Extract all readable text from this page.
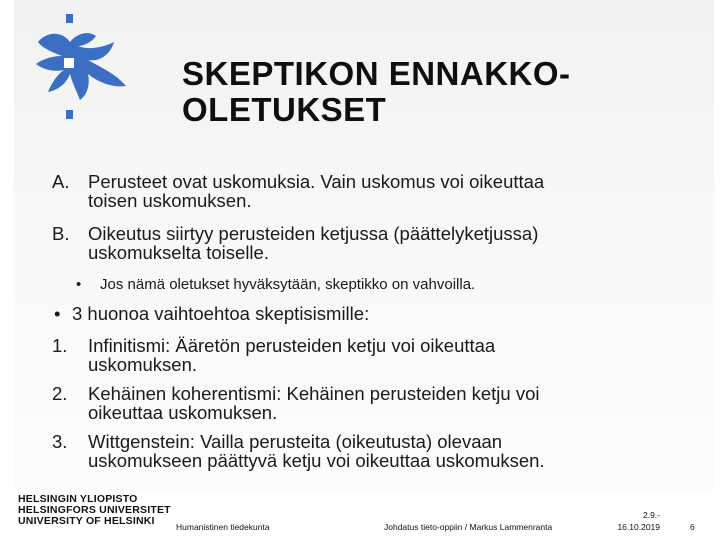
SKEPTIKON ENNAKKO-
OLETUKSET
A. Perusteet ovat uskomuksia. Vain uskomus voi oikeuttaa
toisen uskomuksen.
B. Oikeutus siirtyy perusteiden ketjussa (päättelyketjussa)
uskomukselta toiselle.
• Jos nämä oletukset hyväksytään, skeptikko on vahvoilla.
• 3 huonoa vaihtoehtoa skeptisismille:
1. Infinitismi: Ääretön perusteiden ketju voi oikeuttaa
uskomuksen.
2. Kehäinen koherentismi: Kehäinen perusteiden ketju voi
oikeuttaa uskomuksen.
3. Wittgenstein: Vailla perusteita (oikeutusta) olevaan
uskomukseen päättyvä ketju voi oikeuttaa uskomuksen.
HELSINGIN YLIOPISTO
HELSINGFORS UNIVERSITET
UNIVERSITY OF HELSINKI	Humanistinen tiedekunta	Johdatus tieto-oppiin / Markus Lammenranta
2.9.-
16.10.2019	6
